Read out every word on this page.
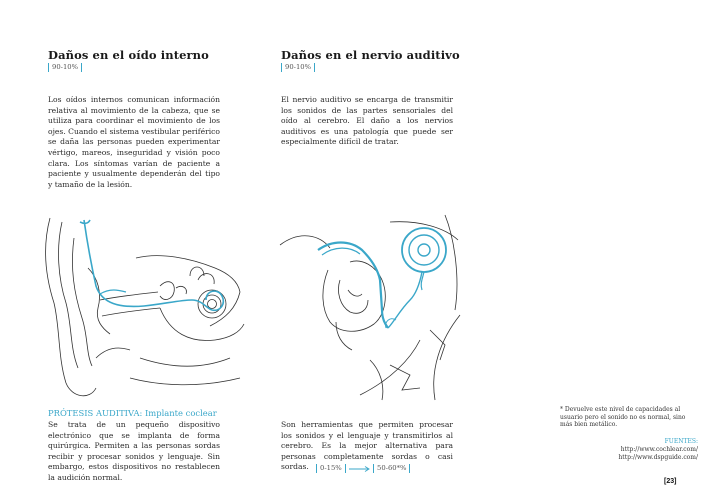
Daños en el oído interno
90-10%
Los oídos internos comunican información relativa al movimiento de la cabeza, que se utiliza para coordinar el movimiento de los ojes. Cuando el sistema vestibular periférico se daña las personas pueden experimentar vértigo, mareos, inseguridad y visión poco clara. Los síntomas varían de paciente a paciente y usualmente dependerán del tipo y tamaño de la lesión.
PRÓTESIS AUDITIVA: Implante coclear
Se trata de un pequeño dispositivo electrónico que se implanta de forma quirúrgica. Permiten a las personas sordas recibir y procesar sonidos y lenguaje. Sin embargo, estos dispositivos no restablecen la audición normal.
Daños en el nervio auditivo
90-10%
El nervio auditivo se encarga de transmitir los sonidos de las partes sensoriales del oído al cerebro. El daño a los nervios auditivos es una patología que puede ser especialmente difícil de tratar.
Son herramientas que permiten procesar los sonidos y el lenguaje y transmitirlos al cerebro. Es la mejor alternativa para personas completamente sordas o casi sordas.	0-15%	50-60*%
* Devuelve este nivel de capacidades al usuario pero el sonido no es normal, sino más bien metálico.
FUENTES:
http://www.cochlear.com/
http://www.dspguide.com/
[23]
